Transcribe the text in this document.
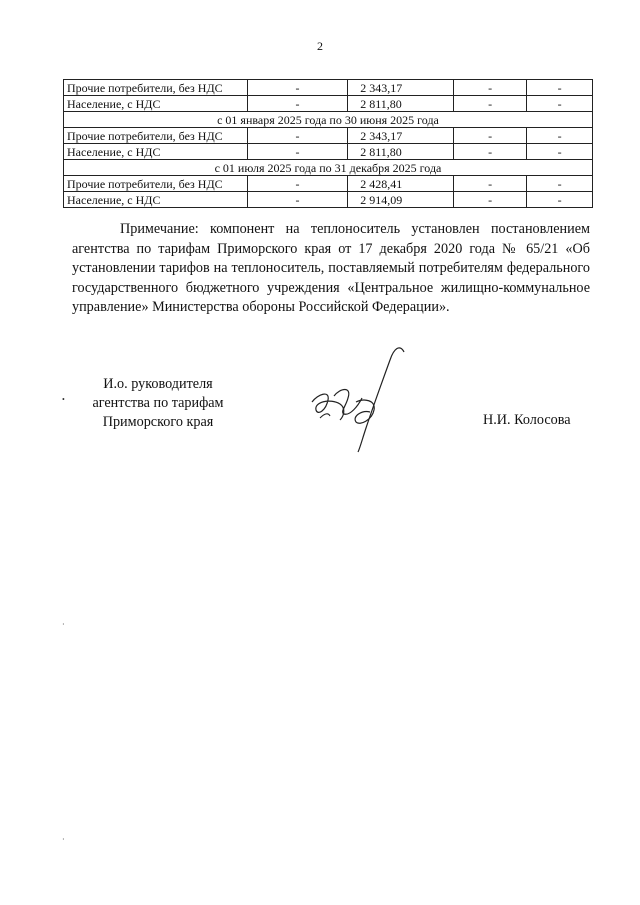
2
Прочие потребители, без НДС	-	2 343,17	-	-
Население, с НДС	-	2 811,80	-	-
с 01 января 2025 года по 30 июня 2025 года				
Прочие потребители, без НДС	-	2 343,17	-	-
Население, с НДС	-	2 811,80	-	-
с 01 июля 2025 года по 31 декабря 2025 года				
Прочие потребители, без НДС	-	2 428,41	-	-
Население, с НДС	-	2 914,09	-	-
Примечание: компонент на теплоноситель установлен постановлением агентства по тарифам Приморского края от 17 декабря 2020 года № 65/21 «Об установлении тарифов на теплоноситель, поставляемый потребителям федерального государственного бюджетного учреждения «Центральное жилищно-коммунальное управление» Министерства обороны Российской Федерации».
И.о. руководителя
агентства по тарифам
Приморского края	Н.И. Колосова
•
·
·
